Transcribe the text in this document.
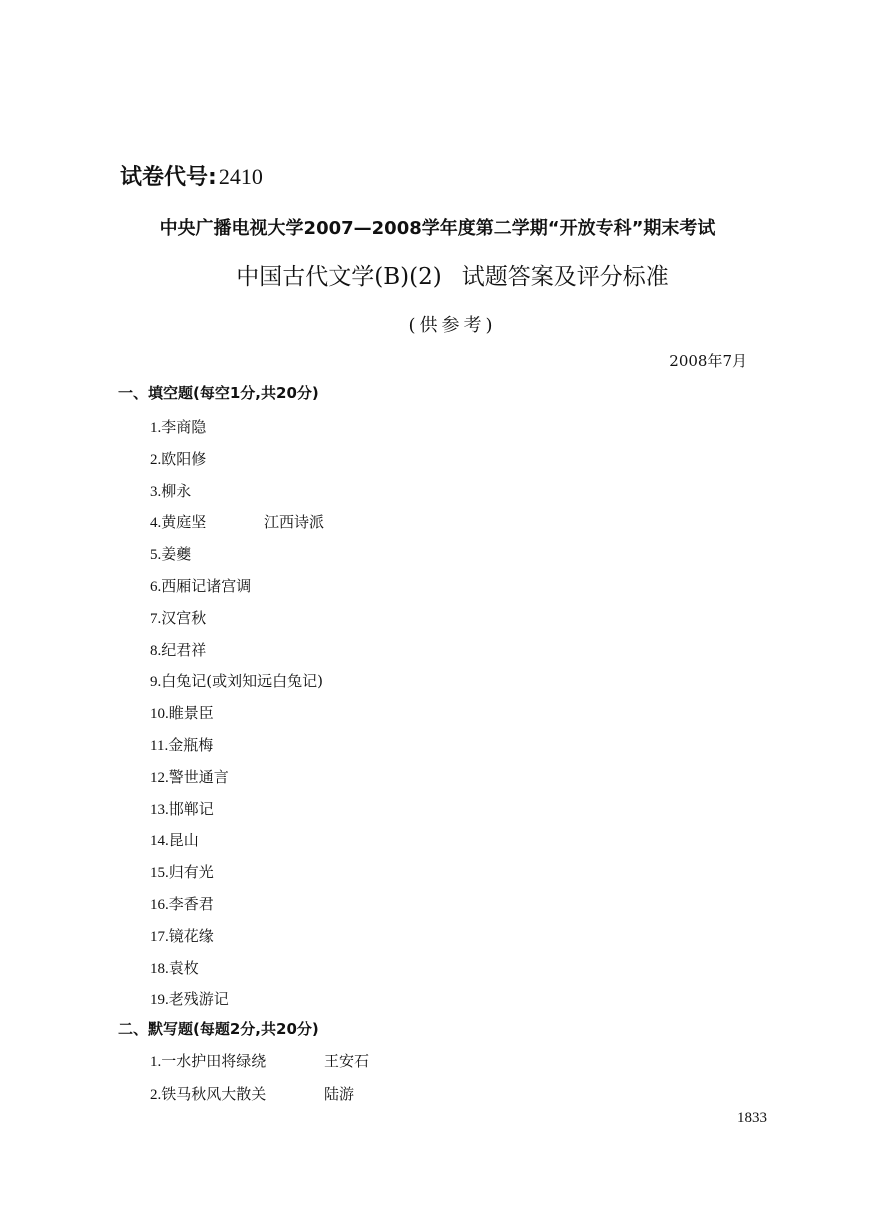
试卷代号:2410
中央广播电视大学2007—2008学年度第二学期“开放专科”期末考试
中国古代文学(B)(2) 试题答案及评分标准
(供参考)
2008年7月
一、填空题(每空1分,共20分)
1.李商隐
2.欧阳修
3.柳永
4.黄庭坚	江西诗派
5.姜夔
6.西厢记诸宫调
7.汉宫秋
8.纪君祥
9.白兔记(或刘知远白兔记)
10.睢景臣
11.金瓶梅
12.警世通言
13.邯郸记
14.昆山
15.归有光
16.李香君
17.镜花缘
18.袁枚
19.老残游记
二、默写题(每题2分,共20分)
1.一水护田将绿绕	王安石
2.铁马秋风大散关	陆游
1833
